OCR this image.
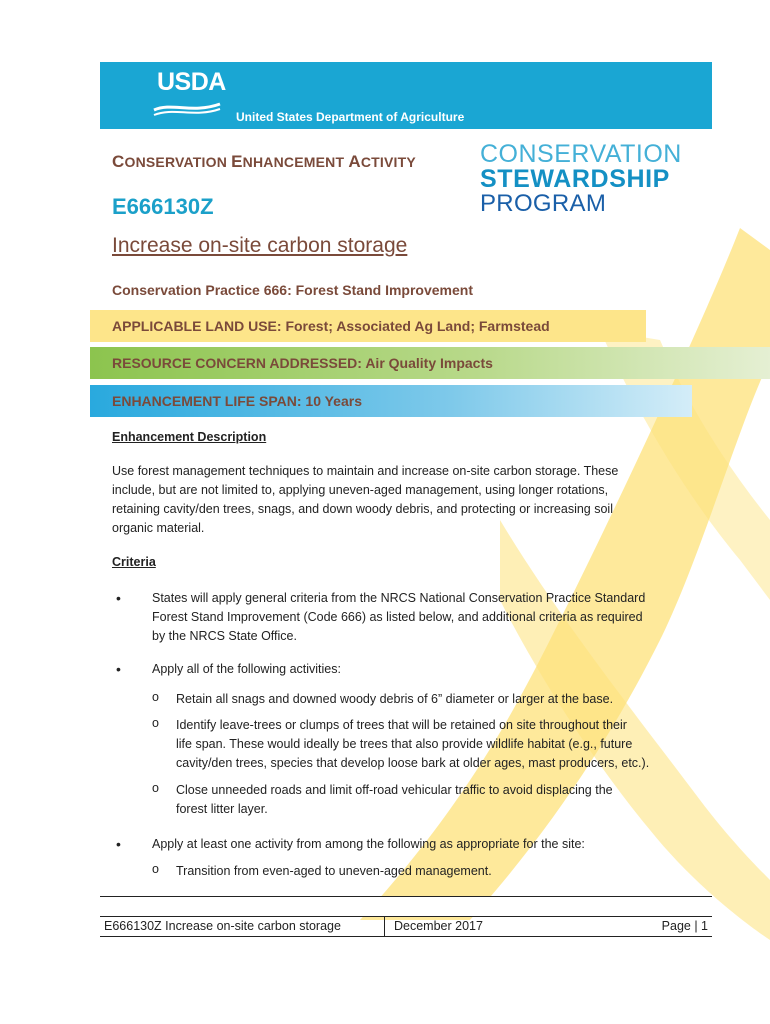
USDA
United States Department of Agriculture
CONSERVATION ENHANCEMENT ACTIVITY
E666130Z
CONSERVATION
STEWARDSHIP
PROGRAM
Increase on-site carbon storage
Conservation Practice 666: Forest Stand Improvement
APPLICABLE LAND USE: Forest; Associated Ag Land; Farmstead
RESOURCE CONCERN ADDRESSED: Air Quality Impacts
ENHANCEMENT LIFE SPAN: 10 Years
Enhancement Description
Use forest management techniques to maintain and increase on-site carbon storage. These
include, but are not limited to, applying uneven-aged management, using longer rotations,
retaining cavity/den trees, snags, and down woody debris, and protecting or increasing soil
organic material.
Criteria
• States will apply general criteria from the NRCS National Conservation Practice Standard
Forest Stand Improvement (Code 666) as listed below, and additional criteria as required
by the NRCS State Office.
• Apply all of the following activities:
o Retain all snags and downed woody debris of 6” diameter or larger at the base.
o Identify leave-trees or clumps of trees that will be retained on site throughout their
life span. These would ideally be trees that also provide wildlife habitat (e.g., future
cavity/den trees, species that develop loose bark at older ages, mast producers, etc.).
o Close unneeded roads and limit off-road vehicular traffic to avoid displacing the
forest litter layer.
• Apply at least one activity from among the following as appropriate for the site:
o Transition from even-aged to uneven-aged management.
E666130Z Increase on-site carbon storage	December 2017	Page | 1
